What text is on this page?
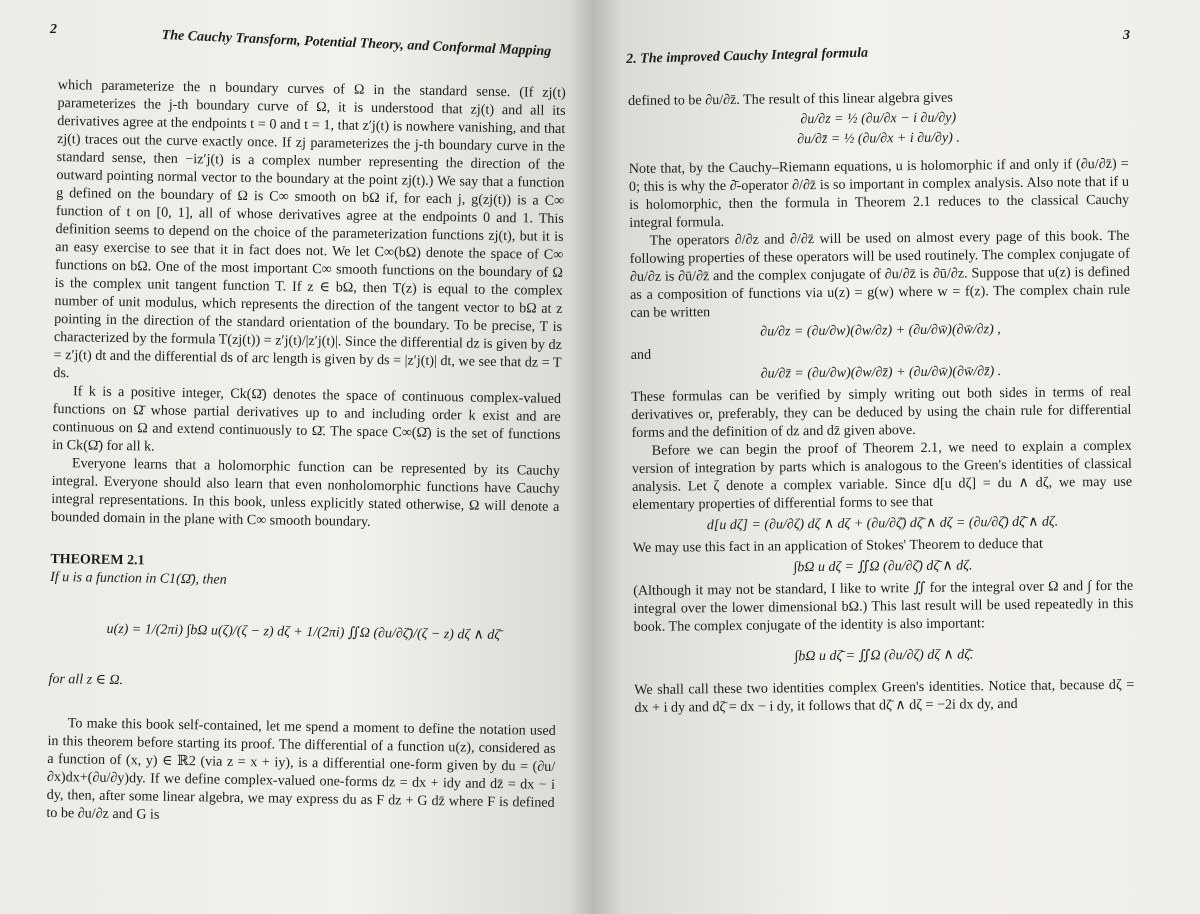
2	The Cauchy Transform, Potential Theory, and Conformal Mapping

which parameterize the n boundary curves of Ω in the standard sense. (If zj(t) parameterizes the j-th boundary curve of Ω, it is understood that zj(t) and all its derivatives agree at the endpoints t = 0 and t = 1, that z′j(t) is nowhere vanishing, and that zj(t) traces out the curve exactly once. If zj parameterizes the j-th boundary curve in the standard sense, then −iz′j(t) is a complex number representing the direction of the outward pointing normal vector to the boundary at the point zj(t).) We say that a function g defined on the boundary of Ω is C∞ smooth on bΩ if, for each j, g(zj(t)) is a C∞ function of t on [0, 1], all of whose derivatives agree at the endpoints 0 and 1. This definition seems to depend on the choice of the parameterization functions zj(t), but it is an easy exercise to see that it in fact does not. We let C∞(bΩ) denote the space of C∞ functions on bΩ. One of the most important C∞ smooth functions on the boundary of Ω is the complex unit tangent function T. If z ∈ bΩ, then T(z) is equal to the complex number of unit modulus, which represents the direction of the tangent vector to bΩ at z pointing in the direction of the standard orientation of the boundary. To be precise, T is characterized by the formula T(zj(t)) = z′j(t)/|z′j(t)|. Since the differential dz is given by dz = z′j(t) dt and the differential ds of arc length is given by ds = |z′j(t)| dt, we see that dz = T ds.

If k is a positive integer, Ck(Ω̄) denotes the space of continuous complex-valued functions on Ω̄ whose partial derivatives up to and including order k exist and are continuous on Ω and extend continuously to Ω̄. The space C∞(Ω̄) is the set of functions in Ck(Ω̄) for all k.

Everyone learns that a holomorphic function can be represented by its Cauchy integral. Everyone should also learn that even nonholomorphic functions have Cauchy integral representations. In this book, unless explicitly stated otherwise, Ω will denote a bounded domain in the plane with C∞ smooth boundary.

THEOREM 2.1
If u is a function in C1(Ω̄), then
u(z) = 1/(2πi) ∫bΩ u(ζ)/(ζ − z) dζ + 1/(2πi) ∬Ω (∂u/∂ζ̄)/(ζ − z) dζ ∧ dζ̄
for all z ∈ Ω.

To make this book self-contained, let me spend a moment to define the notation used in this theorem before starting its proof. The differential of a function u(z), considered as a function of (x, y) ∈ ℝ2 (via z = x + iy), is a differential one-form given by du = (∂u/∂x)dx+(∂u/∂y)dy. If we define complex-valued one-forms dz = dx + idy and dz̄ = dx − i dy, then, after some linear algebra, we may express du as F dz + G dz̄ where F is defined to be ∂u/∂z and G is

2. The improved Cauchy Integral formula
3

defined to be ∂u/∂z̄. The result of this linear algebra gives

∂u/∂z = ½ (∂u/∂x − i ∂u/∂y)
∂u/∂z̄ = ½ (∂u/∂x + i ∂u/∂y) .

Note that, by the Cauchy–Riemann equations, u is holomorphic if and only if (∂u/∂z̄) = 0; this is why the ∂̄-operator ∂/∂z̄ is so important in complex analysis. Also note that if u is holomorphic, then the formula in Theorem 2.1 reduces to the classical Cauchy integral formula.

The operators ∂/∂z and ∂/∂z̄ will be used on almost every page of this book. The following properties of these operators will be used routinely. The complex conjugate of ∂u/∂z is ∂ū/∂z̄ and the complex conjugate of ∂u/∂z̄ is ∂ū/∂z. Suppose that u(z) is defined as a composition of functions via u(z) = g(w) where w = f(z). The complex chain rule can be written

∂u/∂z = (∂u/∂w)(∂w/∂z) + (∂u/∂w̄)(∂w̄/∂z) ,

and

∂u/∂z̄ = (∂u/∂w)(∂w/∂z̄) + (∂u/∂w̄)(∂w̄/∂z̄) .

These formulas can be verified by simply writing out both sides in terms of real derivatives or, preferably, they can be deduced by using the chain rule for differential forms and the definition of dz and dz̄ given above.

Before we can begin the proof of Theorem 2.1, we need to explain a complex version of integration by parts which is analogous to the Green's identities of classical analysis. Let ζ denote a complex variable. Since d[u dζ] = du ∧ dζ, we may use elementary properties of differential forms to see that

d[u dζ] = (∂u/∂ζ) dζ ∧ dζ + (∂u/∂ζ̄) dζ̄ ∧ dζ = (∂u/∂ζ̄) dζ̄ ∧ dζ.

We may use this fact in an application of Stokes' Theorem to deduce that

∫bΩ u dζ = ∬Ω (∂u/∂ζ̄) dζ̄ ∧ dζ.

(Although it may not be standard, I like to write ∬ for the integral over Ω and ∫ for the integral over the lower dimensional bΩ.) This last result will be used repeatedly in this book. The complex conjugate of the identity is also important:

∫bΩ u dζ̄ = ∬Ω (∂u/∂ζ) dζ ∧ dζ̄.

We shall call these two identities complex Green's identities. Notice that, because dζ = dx + i dy and dζ̄ = dx − i dy, it follows that dζ̄ ∧ dζ = −2i dx dy, and
